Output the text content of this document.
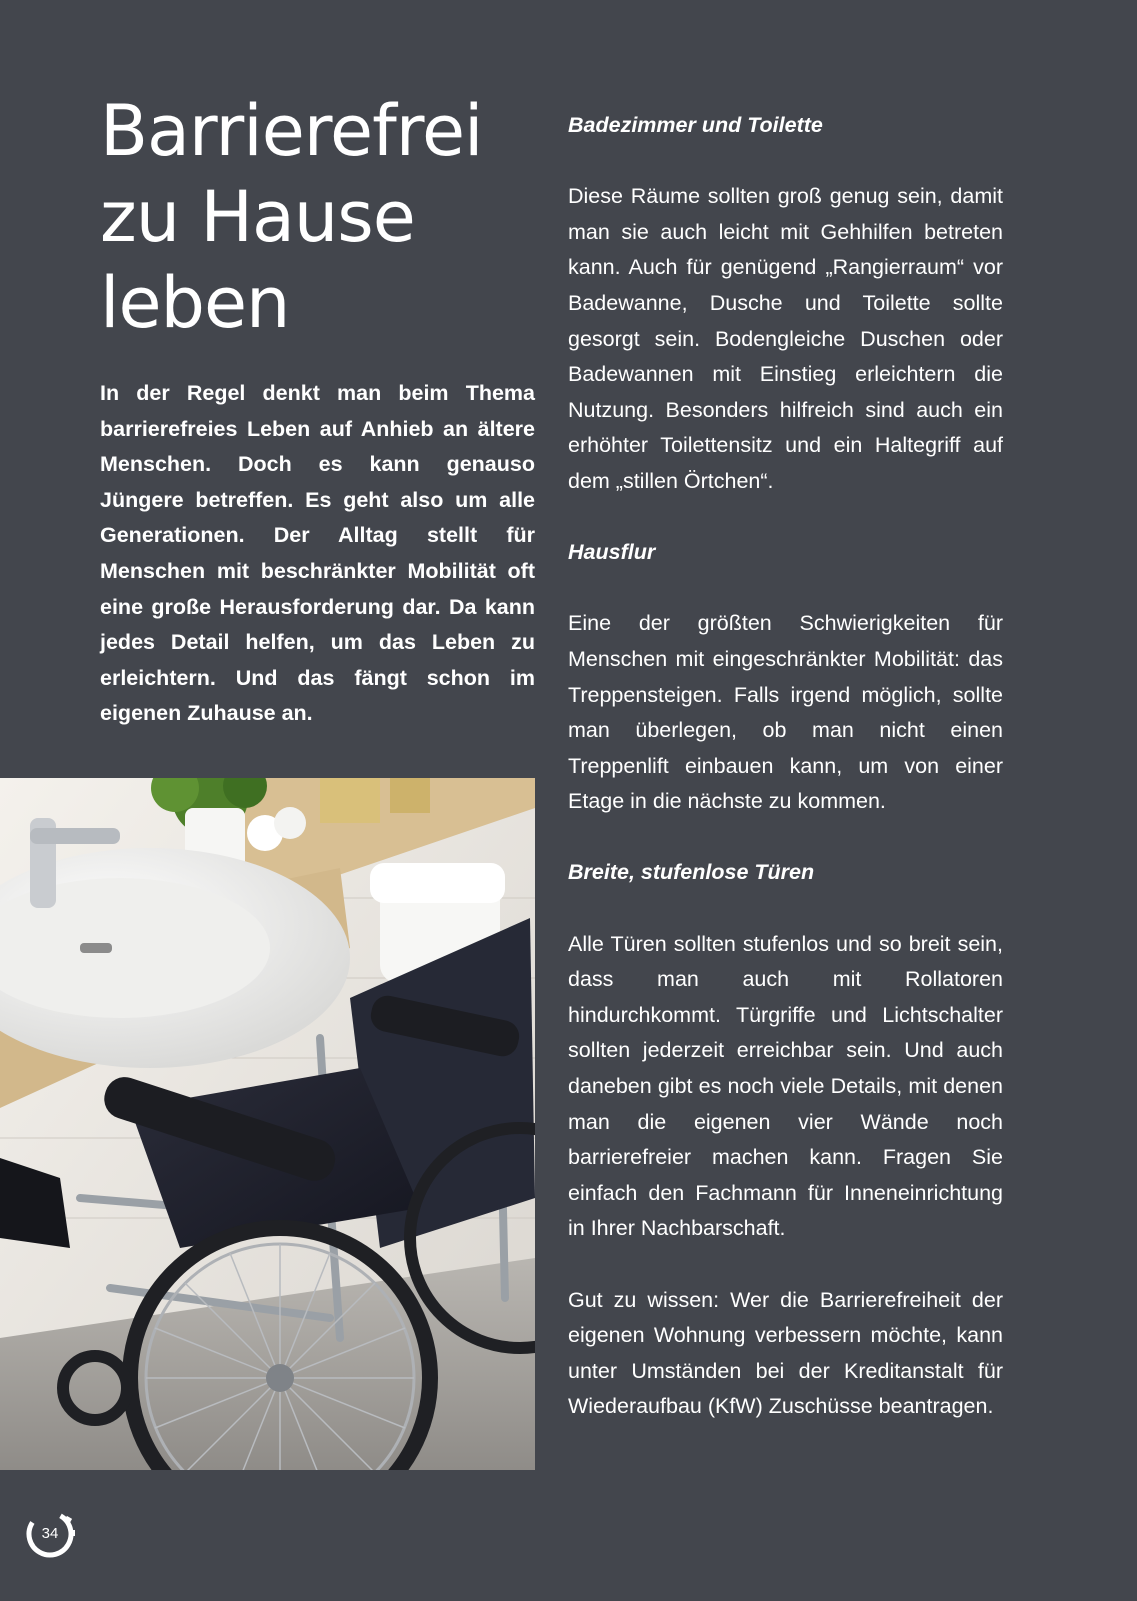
Barrierefrei
zu Hause
leben

In der Regel denkt man beim Thema barrierefreies Leben auf Anhieb an ältere Menschen. Doch es kann genauso Jüngere betreffen. Es geht also um alle Generationen. Der Alltag stellt für Menschen mit beschränkter Mobilität oft eine große Herausforderung dar. Da kann jedes Detail helfen, um das Leben zu erleichtern. Und das fängt schon im eigenen Zuhause an.

Badezimmer und Toilette

Diese Räume sollten groß genug sein, damit man sie auch leicht mit Gehhilfen betreten kann. Auch für genügend „Rangierraum“ vor Badewanne, Dusche und Toilette sollte gesorgt sein. Bodengleiche Duschen oder Badewannen mit Einstieg erleichtern die Nutzung. Besonders hilfreich sind auch ein erhöhter Toilettensitz und ein Haltegriff auf dem „stillen Örtchen“.

Hausflur

Eine der größten Schwierigkeiten für Menschen mit eingeschränkter Mobilität: das Treppensteigen. Falls irgend möglich, sollte man überlegen, ob man nicht einen Treppenlift einbauen kann, um von einer Etage in die nächste zu kommen.

Breite, stufenlose Türen

Alle Türen sollten stufenlos und so breit sein, dass man auch mit Rollatoren hindurchkommt. Türgriffe und Lichtschalter sollten jederzeit erreichbar sein. Und auch daneben gibt es noch viele Details, mit denen man die eigenen vier Wände noch barrierefreier machen kann. Fragen Sie einfach den Fachmann für Inneneinrichtung in Ihrer Nachbarschaft.

Gut zu wissen: Wer die Barrierefreiheit der eigenen Wohnung verbessern möchte, kann unter Umständen bei der Kreditanstalt für Wiederaufbau (KfW) Zuschüsse beantragen.

34
